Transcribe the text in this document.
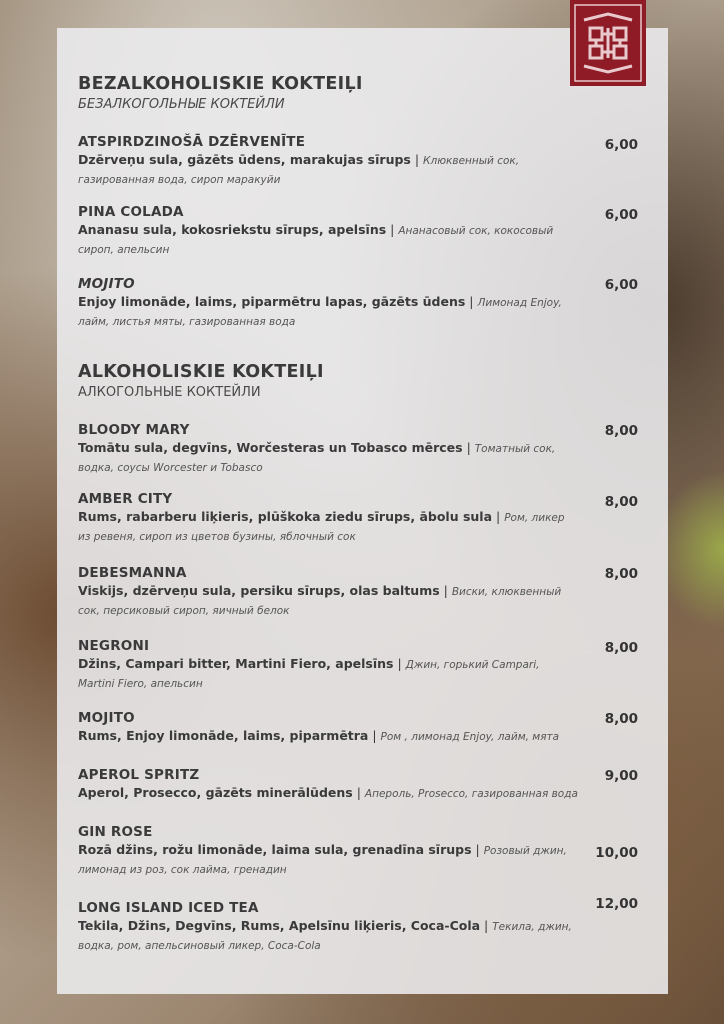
BEZALKOHOLISKIE KOKTEIĻI
БЕЗАЛКОГОЛЬНЫЕ КОКТЕЙЛИ
ATSPIRDZINOŠĀ DZĒRVENĪTE
Dzērveņu sula, gāzēts ūdens, marakujas sīrups | Клюквенный сок, газированная вода, сироп маракуйи
6,00
PINA COLADA
Ananasu sula, kokosriekstu sīrups, apelsīns | Ананасовый сок, кокосовый сироп, апельсин
6,00
MOJITO
Enjoy limonāde, laims, piparmētru lapas, gāzēts ūdens | Лимонад Enjoy, лайм, листья мяты, газированная вода
6,00
ALKOHOLISKIE KOKTEIĻI
АЛКОГОЛЬНЫЕ КОКТЕЙЛИ
BLOODY MARY
Tomātu sula, degvīns, Worčesteras un Tobasco mērces | Томатный сок, водка, соусы Worcester и Tobasco
8,00
AMBER CITY
Rums, rabarberu liķieris, plūškoka ziedu sīrups, ābolu sula | Ром, ликер из ревеня, сироп из цветов бузины, яблочный сок
8,00
DEBESMANNA
Viskijs, dzērveņu sula, persiku sīrups, olas baltums | Виски, клюквенный сок, персиковый сироп, яичный белок
8,00
NEGRONI
Džins, Campari bitter, Martini Fiero, apelsīns | Джин, горький Campari, Martini Fiero, апельсин
8,00
MOJITO
Rums, Enjoy limonāde, laims, piparmētra | Ром , лимонад Enjoy, лайм, мята
8,00
APEROL SPRITZ
Aperol, Prosecco, gāzēts minerālūdens | Апероль, Prosecco, газированная вода
9,00
GIN ROSE
Rozā džins, rožu limonāde, laima sula, grenadīna sīrups | Розовый джин, лимонад из роз, сок лайма, гренадин
10,00
LONG ISLAND ICED TEA
Tekila, Džins, Degvīns, Rums, Apelsīnu liķieris, Coca-Cola | Текила, джин, водка, ром, апельсиновый ликер, Coca-Cola
12,00
